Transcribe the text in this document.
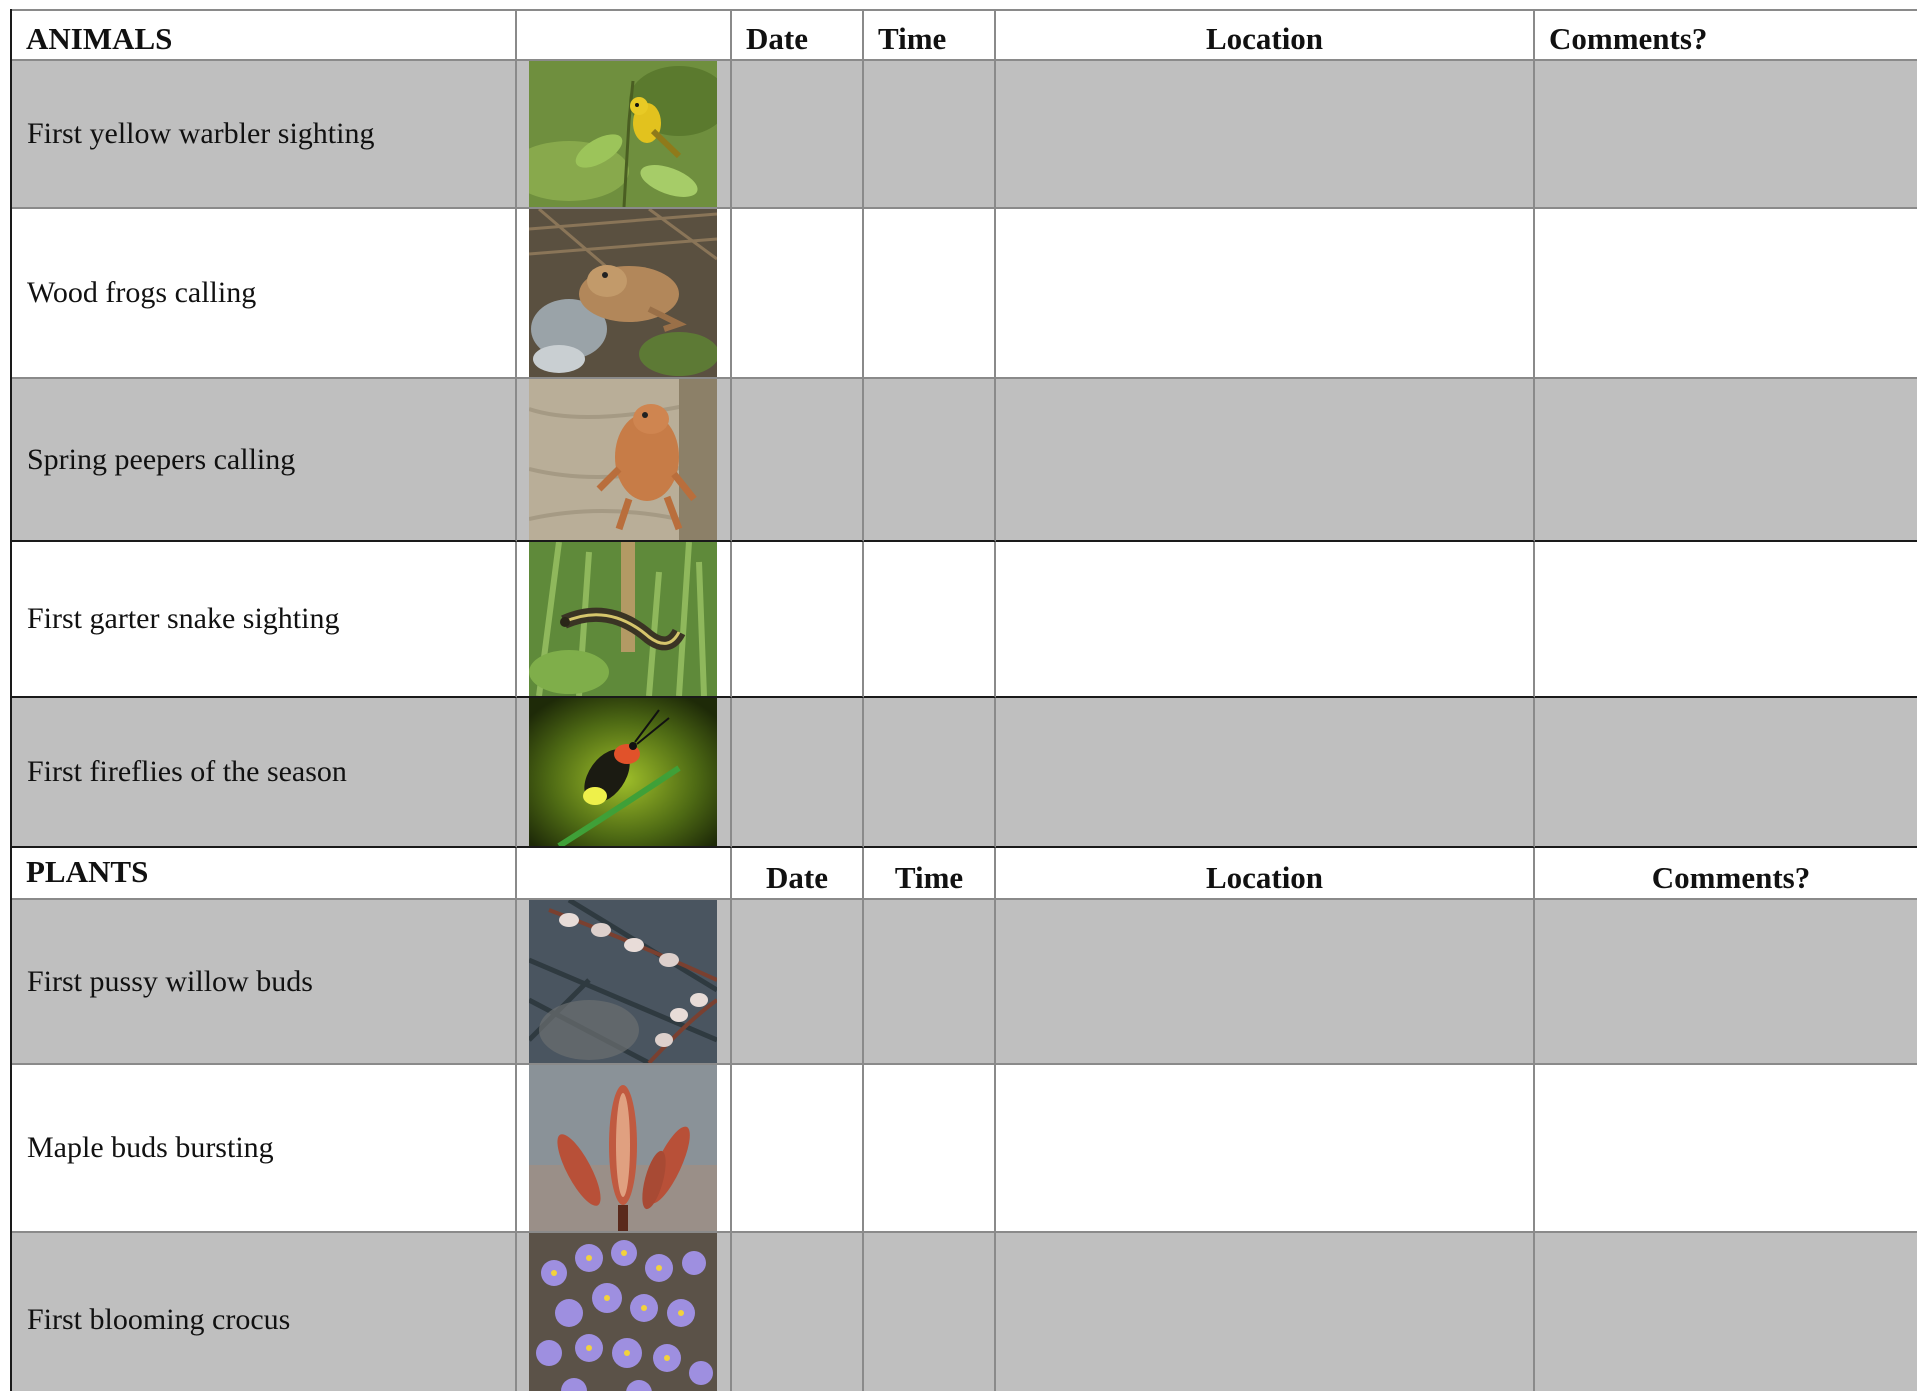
ANIMALS	Date	Time	Location	Comments?
First yellow warbler sighting
Wood frogs calling
Spring peepers calling
First garter snake sighting
First fireflies of the season
PLANTS	Date	Time	Location	Comments?
First pussy willow buds
Maple buds bursting
First blooming crocus
